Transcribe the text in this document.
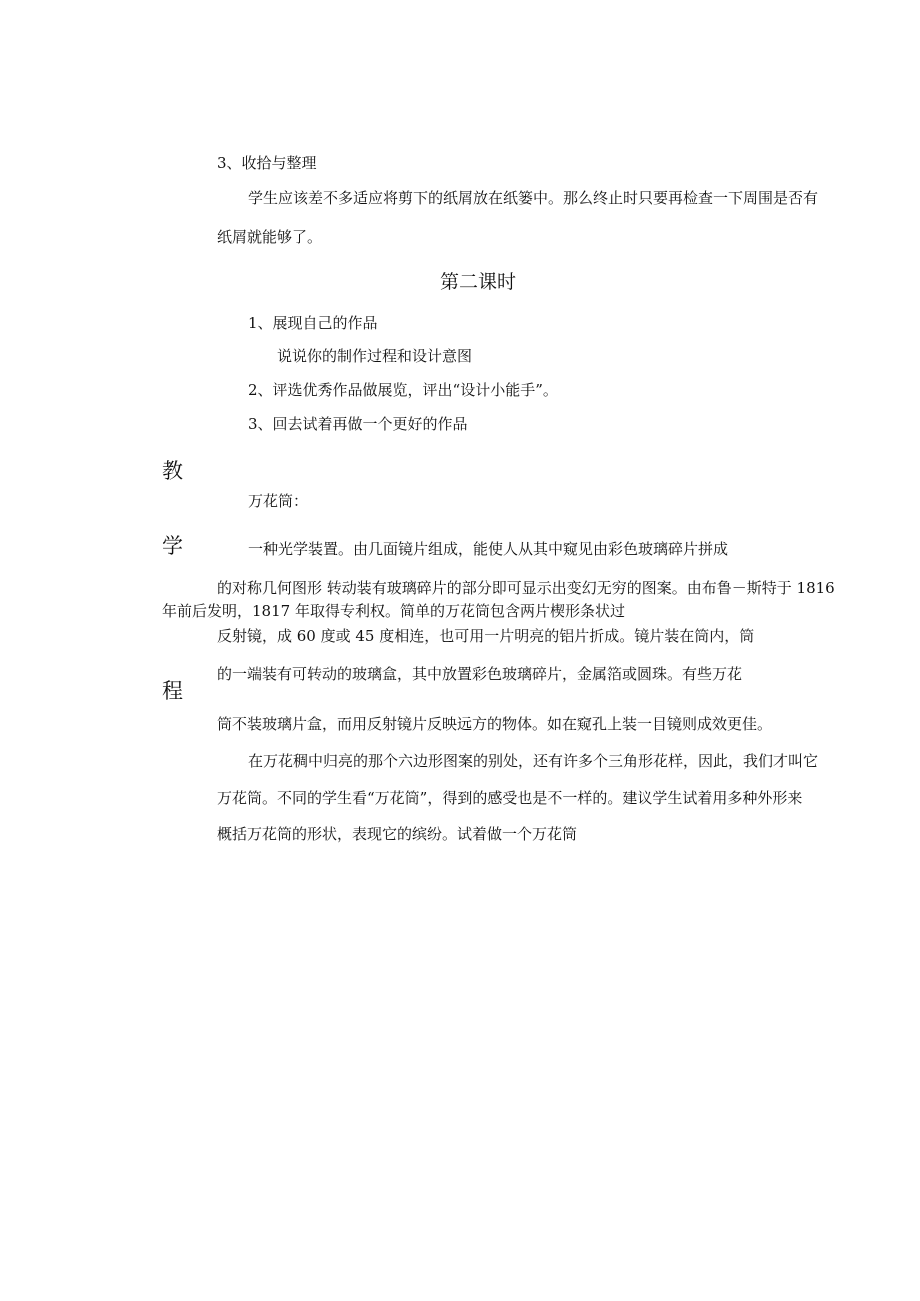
3、收拾与整理
学生应该差不多适应将剪下的纸屑放在纸篓中。那么终止时只要再检查一下周围是否有
纸屑就能够了。
第二课时
1、展现自己的作品
说说你的制作过程和设计意图
2、评选优秀作品做展览，评出“设计小能手”。
3、回去试着再做一个更好的作品
教
学
程
万花筒：
一种光学装置。由几面镜片组成，能使人从其中窥见由彩色玻璃碎片拼成
的对称几何图形 转动装有玻璃碎片的部分即可显示出变幻无穷的图案。由布鲁－斯特于 1816
年前后发明，1817 年取得专利权。简单的万花筒包含两片楔形条状过
反射镜，成 60 度或 45 度相连，也可用一片明亮的铝片折成。镜片装在筒内，筒
的一端装有可转动的玻璃盒，其中放置彩色玻璃碎片，金属箔或圆珠。有些万花
筒不装玻璃片盒，而用反射镜片反映远方的物体。如在窥孔上装一目镜则成效更佳。
在万花稠中归亮的那个六边形图案的别处，还有许多个三角形花样，因此，我们才叫它
万花筒。不同的学生看“万花筒”，得到的感受也是不一样的。建议学生试着用多种外形来
概括万花筒的形状，表现它的缤纷。试着做一个万花筒
